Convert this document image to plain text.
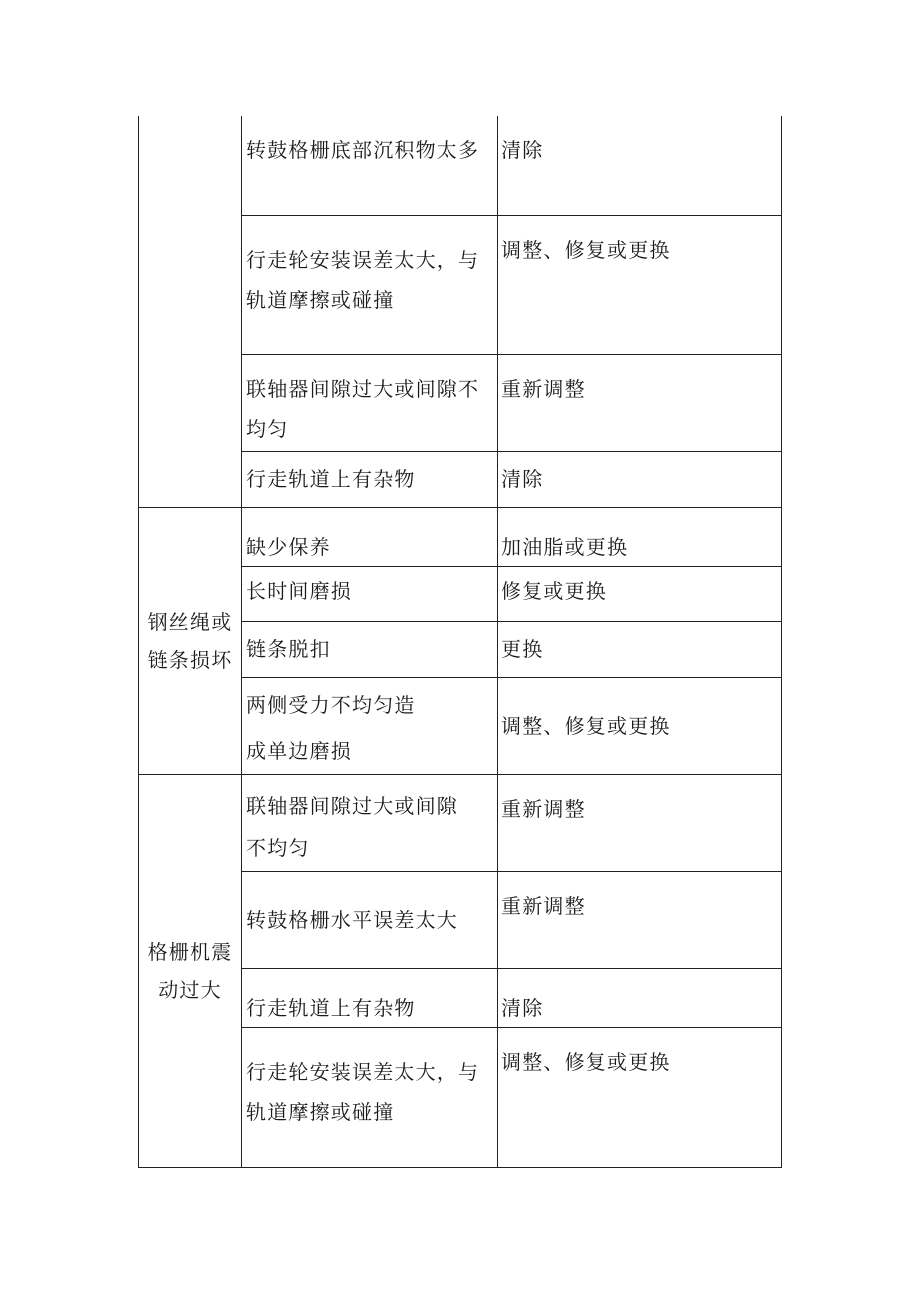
	转鼓格栅底部沉积物太多	清除

	行走轮安装误差太大，与轨道摩擦或碰撞	调整、修复或更换

	联轴器间隙过大或间隙不均匀	重新调整

	行走轨道上有杂物	清除
钢丝绳或链条损坏	缺少保养	加油脂或更换

	长时间磨损	修复或更换

	链条脱扣	更换

	两侧受力不均匀造
成单边磨损	调整、修复或更换
格栅机震动过大	联轴器间隙过大或间隙
不均匀	重新调整

	转鼓格栅水平误差太大	重新调整

	行走轨道上有杂物	清除

	行走轮安装误差太大，与轨道摩擦或碰撞	调整、修复或更换
